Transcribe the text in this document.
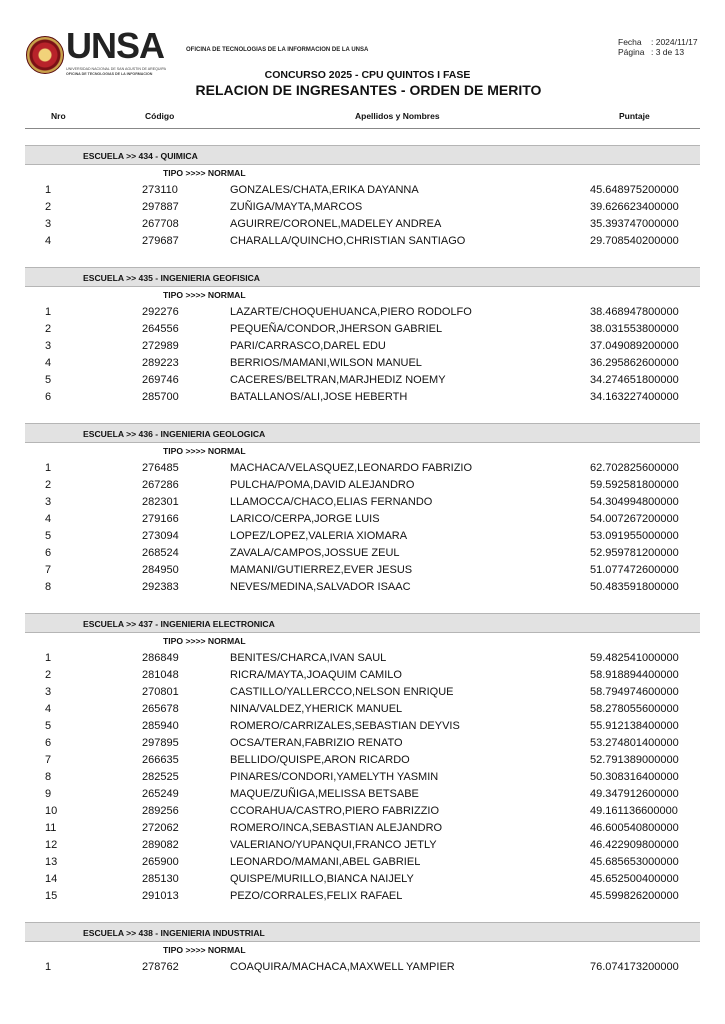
UNSA
UNIVERSIDAD NACIONAL DE SAN AGUSTIN DE AREQUIPA
OFICINA DE TECNOLOGIAS DE LA INFORMACION
OFICINA DE TECNOLOGIAS DE LA INFORMACION DE LA UNSA
Fecha	: 2024/11/17
Página : 3 de 13
CONCURSO 2025 - CPU QUINTOS I FASE
RELACION DE INGRESANTES - ORDEN DE MERITO
Nro	Código	Apellidos y Nombres	Puntaje
ESCUELA >> 434 - QUIMICA
TIPO >>>> NORMAL
1	273110	GONZALES/CHATA,ERIKA DAYANNA	45.648975200000
2	297887	ZUÑIGA/MAYTA,MARCOS	39.626623400000
3	267708	AGUIRRE/CORONEL,MADELEY ANDREA	35.393747000000
4	279687	CHARALLA/QUINCHO,CHRISTIAN SANTIAGO	29.708540200000
ESCUELA >> 435 - INGENIERIA GEOFISICA
TIPO >>>> NORMAL
1	292276	LAZARTE/CHOQUEHUANCA,PIERO RODOLFO	38.468947800000
2	264556	PEQUEÑA/CONDOR,JHERSON GABRIEL	38.031553800000
3	272989	PARI/CARRASCO,DAREL EDU	37.049089200000
4	289223	BERRIOS/MAMANI,WILSON MANUEL	36.295862600000
5	269746	CACERES/BELTRAN,MARJHEDIZ NOEMY	34.274651800000
6	285700	BATALLANOS/ALI,JOSE HEBERTH	34.163227400000
ESCUELA >> 436 - INGENIERIA GEOLOGICA
TIPO >>>> NORMAL
1	276485	MACHACA/VELASQUEZ,LEONARDO FABRIZIO	62.702825600000
2	267286	PULCHA/POMA,DAVID ALEJANDRO	59.592581800000
3	282301	LLAMOCCA/CHACO,ELIAS FERNANDO	54.304994800000
4	279166	LARICO/CERPA,JORGE LUIS	54.007267200000
5	273094	LOPEZ/LOPEZ,VALERIA XIOMARA	53.091955000000
6	268524	ZAVALA/CAMPOS,JOSSUE ZEUL	52.959781200000
7	284950	MAMANI/GUTIERREZ,EVER JESUS	51.077472600000
8	292383	NEVES/MEDINA,SALVADOR ISAAC	50.483591800000
ESCUELA >> 437 - INGENIERIA ELECTRONICA
TIPO >>>> NORMAL
1	286849	BENITES/CHARCA,IVAN SAUL	59.482541000000
2	281048	RICRA/MAYTA,JOAQUIM CAMILO	58.918894400000
3	270801	CASTILLO/YALLERCCO,NELSON ENRIQUE	58.794974600000
4	265678	NINA/VALDEZ,YHERICK MANUEL	58.278055600000
5	285940	ROMERO/CARRIZALES,SEBASTIAN DEYVIS	55.912138400000
6	297895	OCSA/TERAN,FABRIZIO RENATO	53.274801400000
7	266635	BELLIDO/QUISPE,ARON RICARDO	52.791389000000
8	282525	PINARES/CONDORI,YAMELYTH YASMIN	50.308316400000
9	265249	MAQUE/ZUÑIGA,MELISSA BETSABE	49.347912600000
10	289256	CCORAHUA/CASTRO,PIERO FABRIZZIO	49.161136600000
11	272062	ROMERO/INCA,SEBASTIAN ALEJANDRO	46.600540800000
12	289082	VALERIANO/YUPANQUI,FRANCO JETLY	46.422909800000
13	265900	LEONARDO/MAMANI,ABEL GABRIEL	45.685653000000
14	285130	QUISPE/MURILLO,BIANCA NAIJELY	45.652500400000
15	291013	PEZO/CORRALES,FELIX RAFAEL	45.599826200000
ESCUELA >> 438 - INGENIERIA INDUSTRIAL
TIPO >>>> NORMAL
1	278762	COAQUIRA/MACHACA,MAXWELL YAMPIER	76.074173200000
